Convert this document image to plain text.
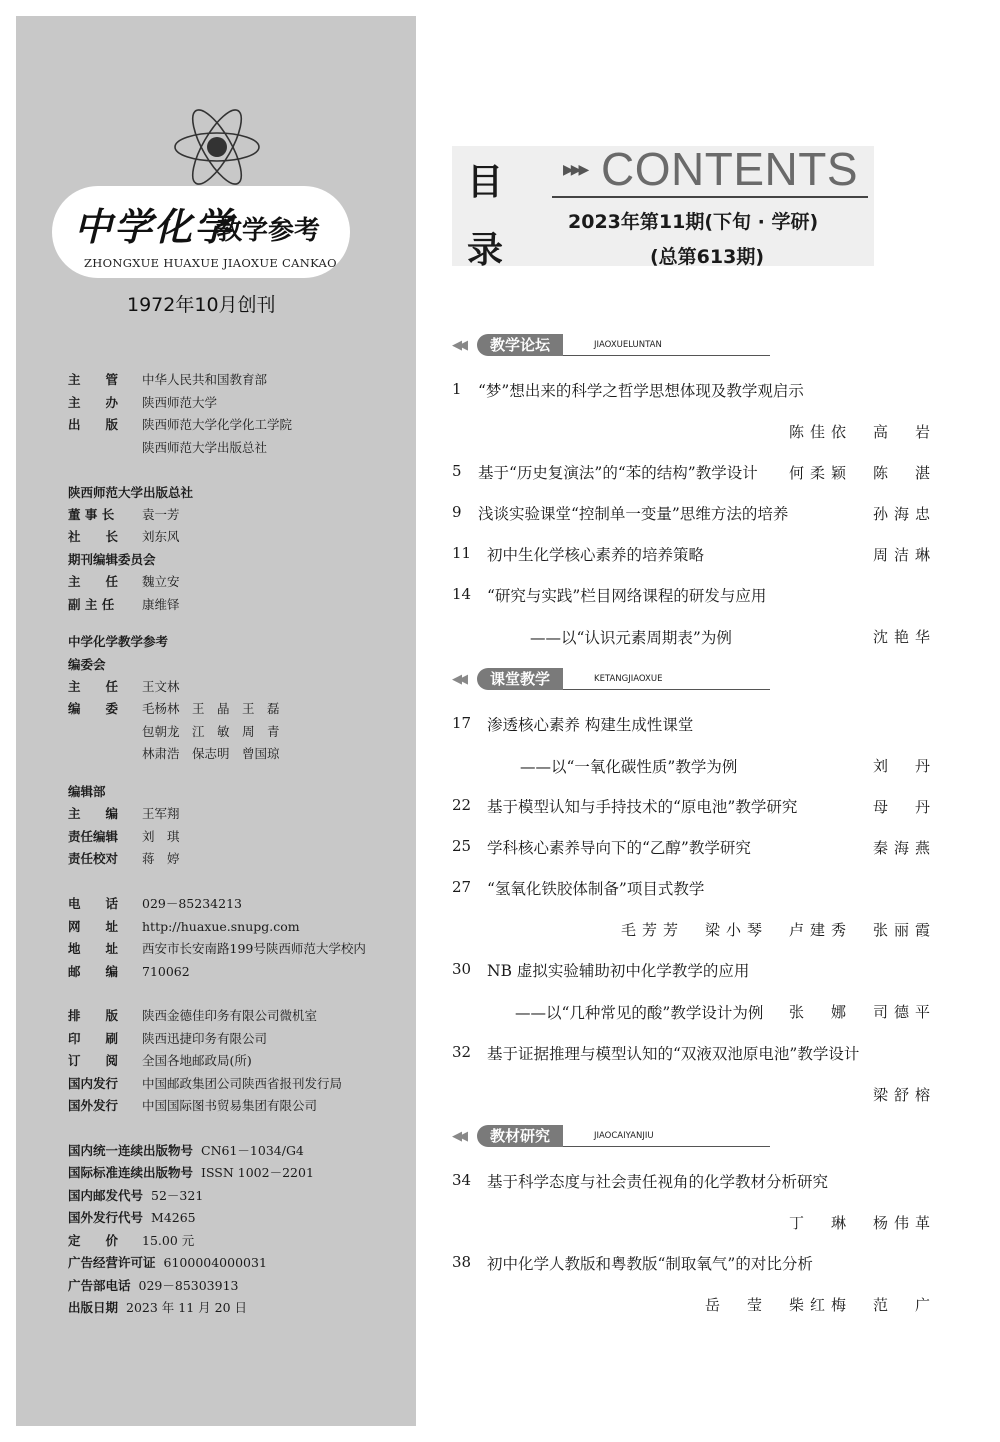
中学化学
教学参考
ZHONGXUE HUAXUE JIAOXUE CANKAO
1972年10月创刊
主　　管 中华人民共和国教育部
主　　办 陕西师范大学
出　　版 陕西师范大学化学化工学院
陕西师范大学出版总社
陕西师范大学出版总社
董 事 长 袁一芳
社　　长 刘东风
期刊编辑委员会
主　　任 魏立安
副 主 任 康维铎
中学化学教学参考
编委会
主　　任 王文林
编　　委 毛杨林　王　晶　王　磊
包朝龙　江　敏　周　青
林肃浩　保志明　曾国琼
编辑部
主　　编 王军翔
责任编辑 刘　琪
责任校对 蒋　婷
电　　话 029－85234213
网　　址 http://huaxue.snupg.com
地　　址 西安市长安南路199号陕西师范大学校内
邮　　编 710062
排　　版 陕西金德佳印务有限公司微机室
印　　刷 陕西迅捷印务有限公司
订　　阅 全国各地邮政局(所)
国内发行 中国邮政集团公司陕西省报刊发行局
国外发行 中国国际图书贸易集团有限公司
国内统一连续出版物号 CN61－1034/G4
国际标准连续出版物号 ISSN 1002－2201
国内邮发代号 52－321
国外发行代号 M4265
定　　价 15.00 元
广告经营许可证 6100004000031
广告部电话 029－85303913
出版日期 2023 年 11 月 20 日
目
录
▶▶▶ CONTENTS
2023年第11期(下旬 · 学研)
(总第613期)
◀◀	教学论坛	JIAOXUELUNTAN
1 “梦”想出来的科学之哲学思想体现及教学观启示
陈佳依　高　岩
5 基于“历史复演法”的“苯的结构”教学设计 何柔颖　陈　湛
9 浅谈实验课堂“控制单一变量”思维方法的培养	孙海忠
11 初中生化学核心素养的培养策略	周洁琳
14 “研究与实践”栏目网络课程的研发与应用
——以“认识元素周期表”为例	沈艳华
◀◀	课堂教学	KETANGJIAOXUE
17 渗透核心素养 构建生成性课堂
——以“一氧化碳性质”教学为例	刘　丹
22 基于模型认知与手持技术的“原电池”教学研究	母　丹
25 学科核心素养导向下的“乙醇”教学研究	秦海燕
27 “氢氧化铁胶体制备”项目式教学
毛芳芳　梁小琴　卢建秀　张丽霞
30 NB 虚拟实验辅助初中化学教学的应用
——以“几种常见的酸”教学设计为例 张　娜　司德平
32 基于证据推理与模型认知的“双液双池原电池”教学设计
梁舒榕
◀◀	教材研究	JIAOCAIYANJIU
34 基于科学态度与社会责任视角的化学教材分析研究
丁　琳　杨伟革
38 初中化学人教版和粤教版“制取氧气”的对比分析
岳　莹　柴红梅　范　广
